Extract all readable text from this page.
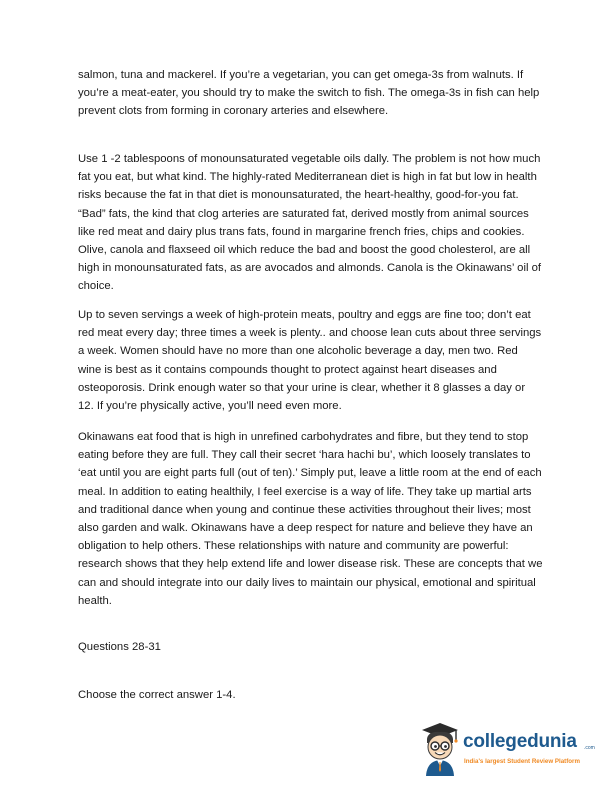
salmon, tuna and mackerel. If you’re a vegetarian, you can get omega-3s from walnuts. If
you’re a meat-eater, you should try to make the switch to fish. The omega-3s in fish can help
prevent clots from forming in coronary arteries and elsewhere.

Use 1 -2 tablespoons of monounsaturated vegetable oils dally. The problem is not how much
fat you eat, but what kind. The highly-rated Mediterranean diet is high in fat but low in health
risks because the fat in that diet is monounsaturated, the heart-healthy, good-for-you fat.
“Bad” fats, the kind that clog arteries are saturated fat, derived mostly from animal sources
like red meat and dairy plus trans fats, found in margarine french fries, chips and cookies.
Olive, canola and flaxseed oil which reduce the bad and boost the good cholesterol, are all
high in monounsaturated fats, as are avocados and almonds. Canola is the Okinawans’ oil of
choice.

Up to seven servings a week of high-protein meats, poultry and eggs are fine too; don’t eat
red meat every day; three times a week is plenty.. and choose lean cuts about three servings
a week. Women should have no more than one alcoholic beverage a day, men two. Red
wine is best as it contains compounds thought to protect against heart diseases and
osteoporosis. Drink enough water so that your urine is clear, whether it 8 glasses a day or
12. If you’re physically active, you’ll need even more.

Okinawans eat food that is high in unrefined carbohydrates and fibre, but they tend to stop
eating before they are full. They call their secret ‘hara hachi bu’, which loosely translates to
‘eat until you are eight parts full (out of ten).’ Simply put, leave a little room at the end of each
meal. In addition to eating healthily, I feel exercise is a way of life. They take up martial arts
and traditional dance when young and continue these activities throughout their lives; most
also garden and walk. Okinawans have a deep respect for nature and believe they have an
obligation to help others. These relationships with nature and community are powerful:
research shows that they help extend life and lower disease risk. These are concepts that we
can and should integrate into our daily lives to maintain our physical, emotional and spiritual
health.

Questions 28-31

Choose the correct answer 1-4.

collegedunia .com
India's largest Student Review Platform
